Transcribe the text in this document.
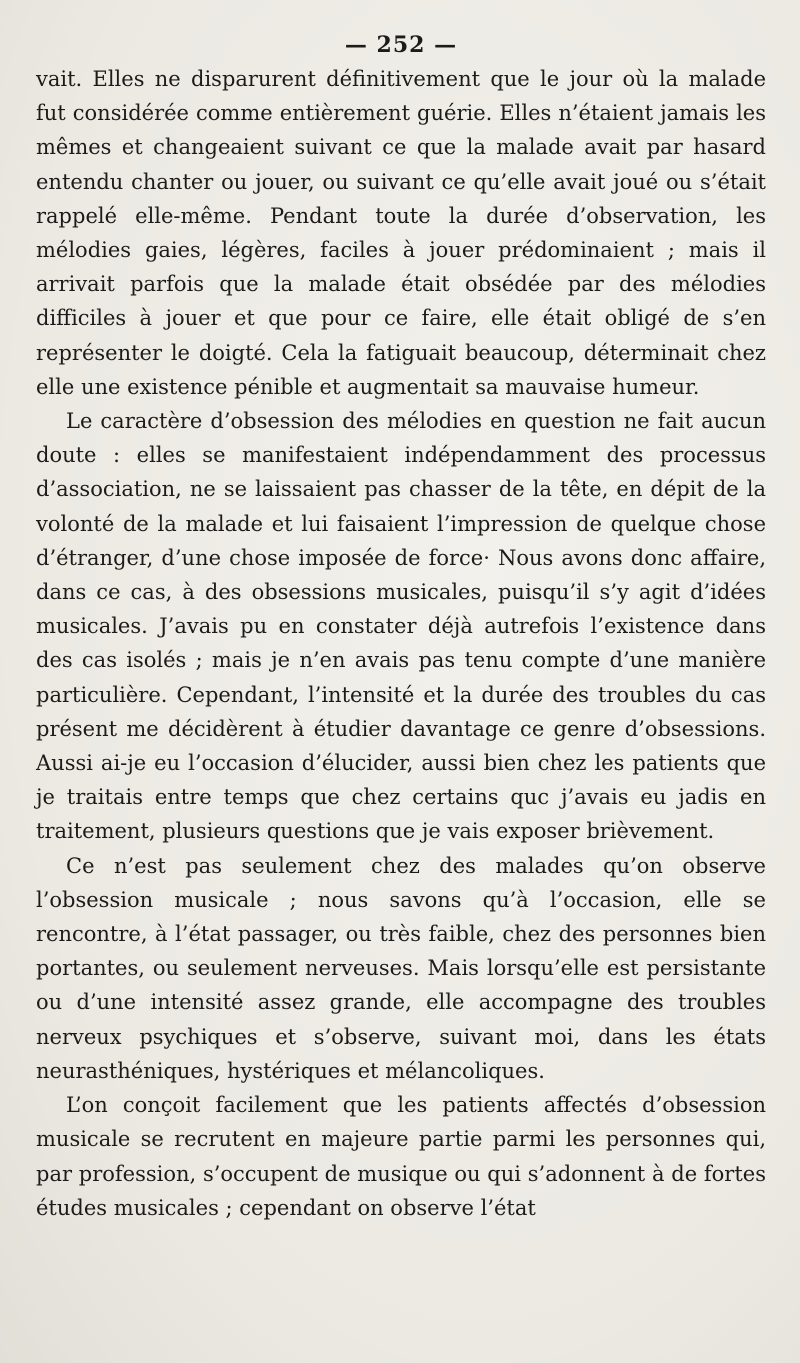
— 252 —

vait. Elles ne disparurent définitivement que le jour où la malade fut considérée comme entièrement guérie. Elles n’étaient jamais les mêmes et changeaient suivant ce que la malade avait par hasard entendu chanter ou jouer, ou suivant ce qu’elle avait joué ou s’était rappelé elle-même. Pendant toute la durée d’observation, les mélodies gaies, légères, faciles à jouer prédominaient ; mais il arrivait parfois que la malade était obsédée par des mélodies difficiles à jouer et que pour ce faire, elle était obligé de s’en représenter le doigté. Cela la fatiguait beaucoup, déterminait chez elle une existence pénible et augmentait sa mauvaise humeur.

Le caractère d’obsession des mélodies en question ne fait aucun doute : elles se manifestaient indépendamment des processus d’association, ne se laissaient pas chasser de la tête, en dépit de la volonté de la malade et lui faisaient l’impression de quelque chose d’étranger, d’une chose imposée de force· Nous avons donc affaire, dans ce cas, à des obsessions musicales, puisqu’il s’y agit d’idées musicales. J’avais pu en constater déjà autrefois l’existence dans des cas isolés ; mais je n’en avais pas tenu compte d’une manière particulière. Cependant, l’intensité et la durée des troubles du cas présent me décidèrent à étudier davantage ce genre d’obsessions. Aussi ai-je eu l’occasion d’élucider, aussi bien chez les patients que je traitais entre temps que chez certains quc j’avais eu jadis en traitement, plusieurs questions que je vais exposer brièvement.

Ce n’est pas seulement chez des malades qu’on observe l’obsession musicale ; nous savons qu’à l’occasion, elle se rencontre, à l’état passager, ou très faible, chez des personnes bien portantes, ou seulement nerveuses. Mais lorsqu’elle est persistante ou d’une intensité assez grande, elle accompagne des troubles nerveux psychiques et s’observe, suivant moi, dans les états neurasthéniques, hystériques et mélancoliques.

L’on conçoit facilement que les patients affectés d’obsession musicale se recrutent en majeure partie parmi les personnes qui, par profession, s’occupent de musique ou qui s’adonnent à de fortes études musicales ; cependant on observe l’état
